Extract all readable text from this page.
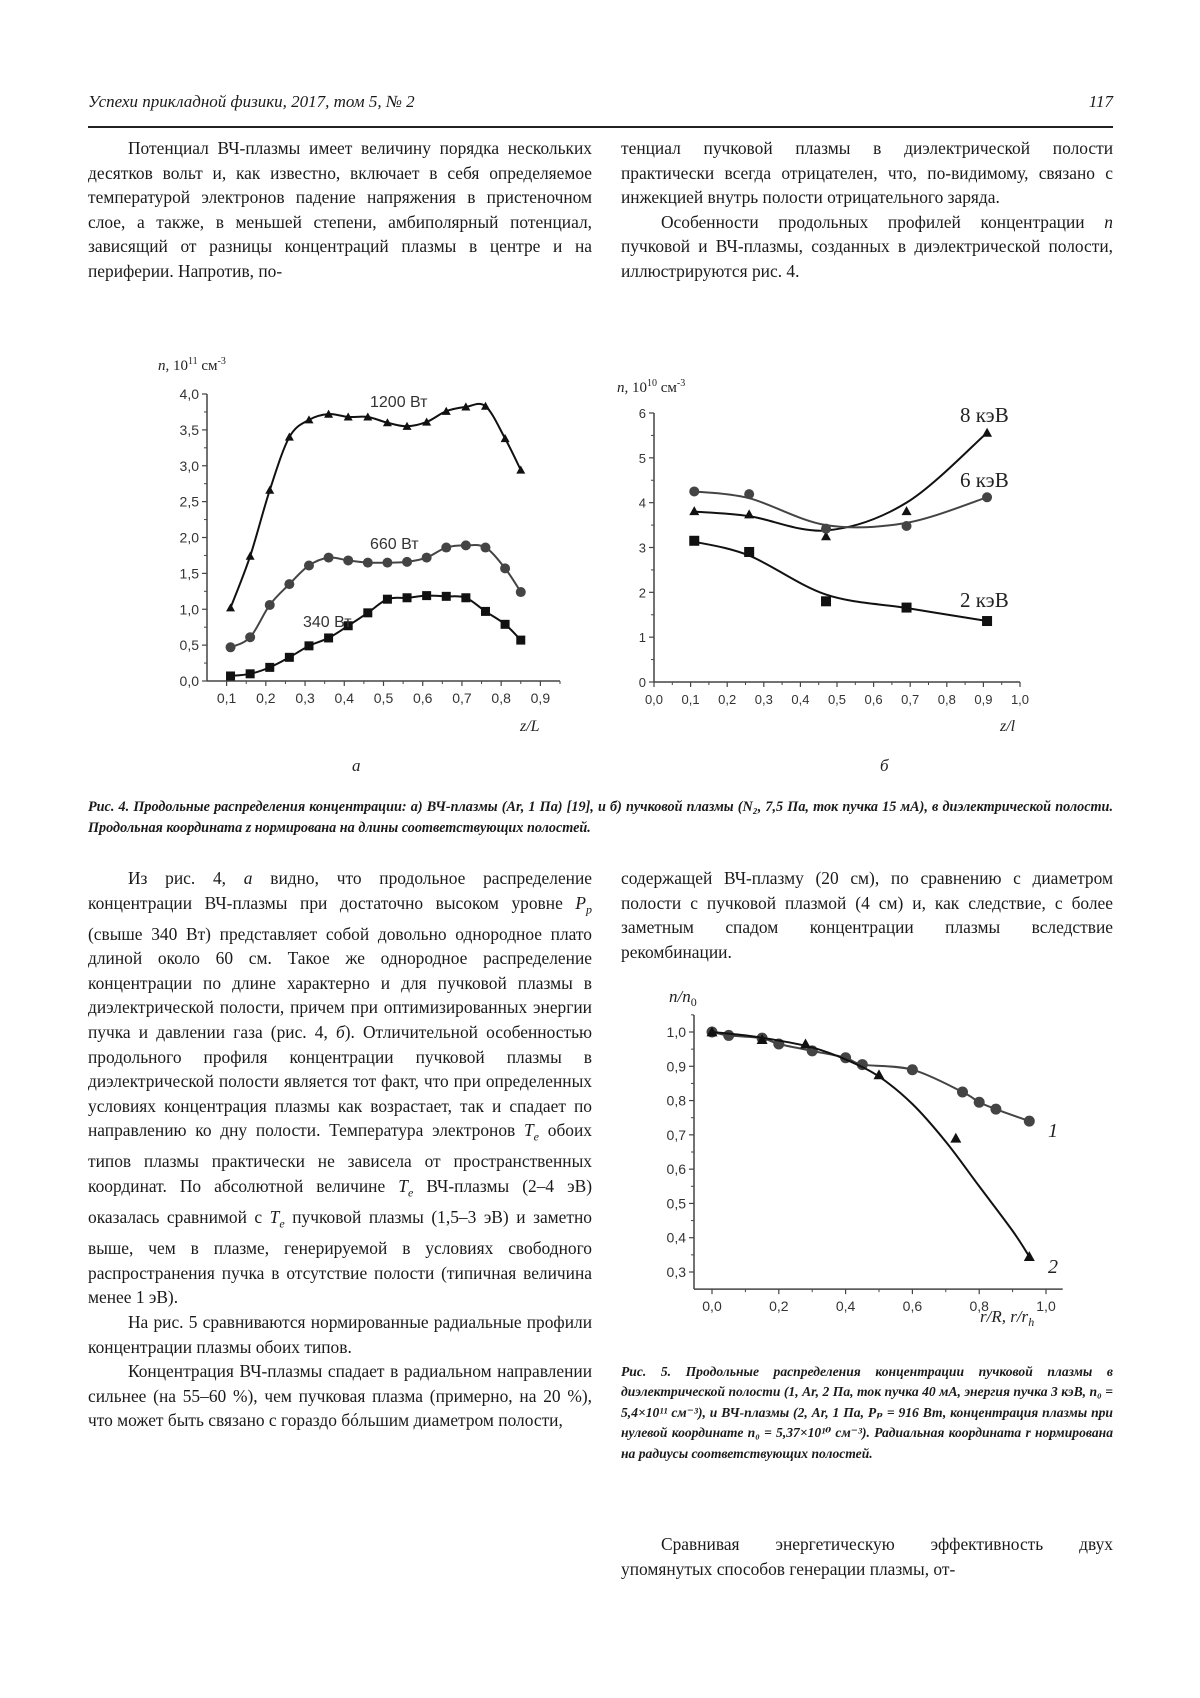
Успехи прикладной физики, 2017, том 5, № 2	117

Потенциал ВЧ-плазмы имеет величину порядка нескольких десятков вольт и, как известно, включает в себя определяемое температурой электронов падение напряжения в пристеночном слое, а также, в меньшей степени, амбиполярный потенциал, зависящий от разницы концентраций плазмы в центре и на периферии. Напротив, по-

тенциал пучковой плазмы в диэлектрической полости практически всегда отрицателен, что, по-видимому, связано с инжекцией внутрь полости отрицательного заряда.

Особенности продольных профилей концентрации n пучковой и ВЧ-плазмы, созданных в диэлектрической полости, иллюстрируются рис. 4.

n, $10^{11}$ $см^{-3}$
z/L
а
0,1 0,2 0,3 0,4 0,5 0,6 0,7 0,8 0,9
0,0
0,5
1,0
1,5
2,0
2,5
3,0
3,5
4,0	1200 Вт
660 Вт
340 Вт
n, $10^{10}$ $см^{-3}$
z/l
б
0,0 0,1 0,2 0,3 0,4 0,5 0,6 0,7 0,8 0,9 1,0
0
1
2
3
4
5
6	8 кэВ
6 кэВ
2 кэВ
$n/n_0$
r/R, $r/r_h$
0,0	0,2	0,4	0,6	0,8	1,0
0,3
0,4
0,5
0,6
0,7
0,8
0,9
1,0
1
2
Рис. 4. Продольные распределения концентрации: а) ВЧ-плазмы (Ar, 1 Па) [19], и б) пучковой плазмы (N₂, 7,5 Па, ток пучка 15 мА), в диэлектрической полости. Продольная координата z нормирована на длины соответствующих полостей.

Из рис. 4, а видно, что продольное распределение концентрации ВЧ-плазмы при достаточно высоком уровне $P_p$ (свыше 340 Вт) представляет собой довольно однородное плато длиной около 60 см. Такое же однородное распределение концентрации по длине характерно и для пучковой плазмы в диэлектрической полости, причем при оптимизированных энергии пучка и давлении газа (рис. 4, б). Отличительной особенностью продольного профиля концентрации пучковой плазмы в диэлектрической полости является тот факт, что при определенных условиях концентрация плазмы как возрастает, так и спадает по направлению ко дну полости. Температура электронов $T_e$ обоих типов плазмы практически не зависела от пространственных координат. По абсолютной величине $T_e$ ВЧ-плазмы (2–4 эВ) оказалась сравнимой с $T_e$ пучковой плазмы (1,5–3 эВ) и заметно выше, чем в плазме, генерируемой в условиях свободного распространения пучка в отсутствие полости (типичная величина менее 1 эВ).

На рис. 5 сравниваются нормированные радиальные профили концентрации плазмы обоих типов.

Концентрация ВЧ-плазмы спадает в радиальном направлении сильнее (на 55–60 %), чем пучковая плазма (примерно, на 20 %), что может быть связано с гораздо бóльшим диаметром полости,

содержащей ВЧ-плазму (20 см), по сравнению с диаметром полости с пучковой плазмой (4 см) и, как следствие, с более заметным спадом концентрации плазмы вследствие рекомбинации.

Рис. 5. Продольные распределения концентрации пучковой плазмы в диэлектрической полости (1, Ar, 2 Па, ток пучка 40 мА, энергия пучка 3 кэВ, n₀ = 5,4×10¹¹ см⁻³), и ВЧ-плазмы (2, Ar, 1 Па, Pₚ = 916 Вт, концентрация плазмы при нулевой координате n₀ = 5,37×10¹⁰ см⁻³). Радиальная координата r нормирована на радиусы соответствующих полостей.

Сравнивая энергетическую эффективность двух упомянутых способов генерации плазмы, от-
